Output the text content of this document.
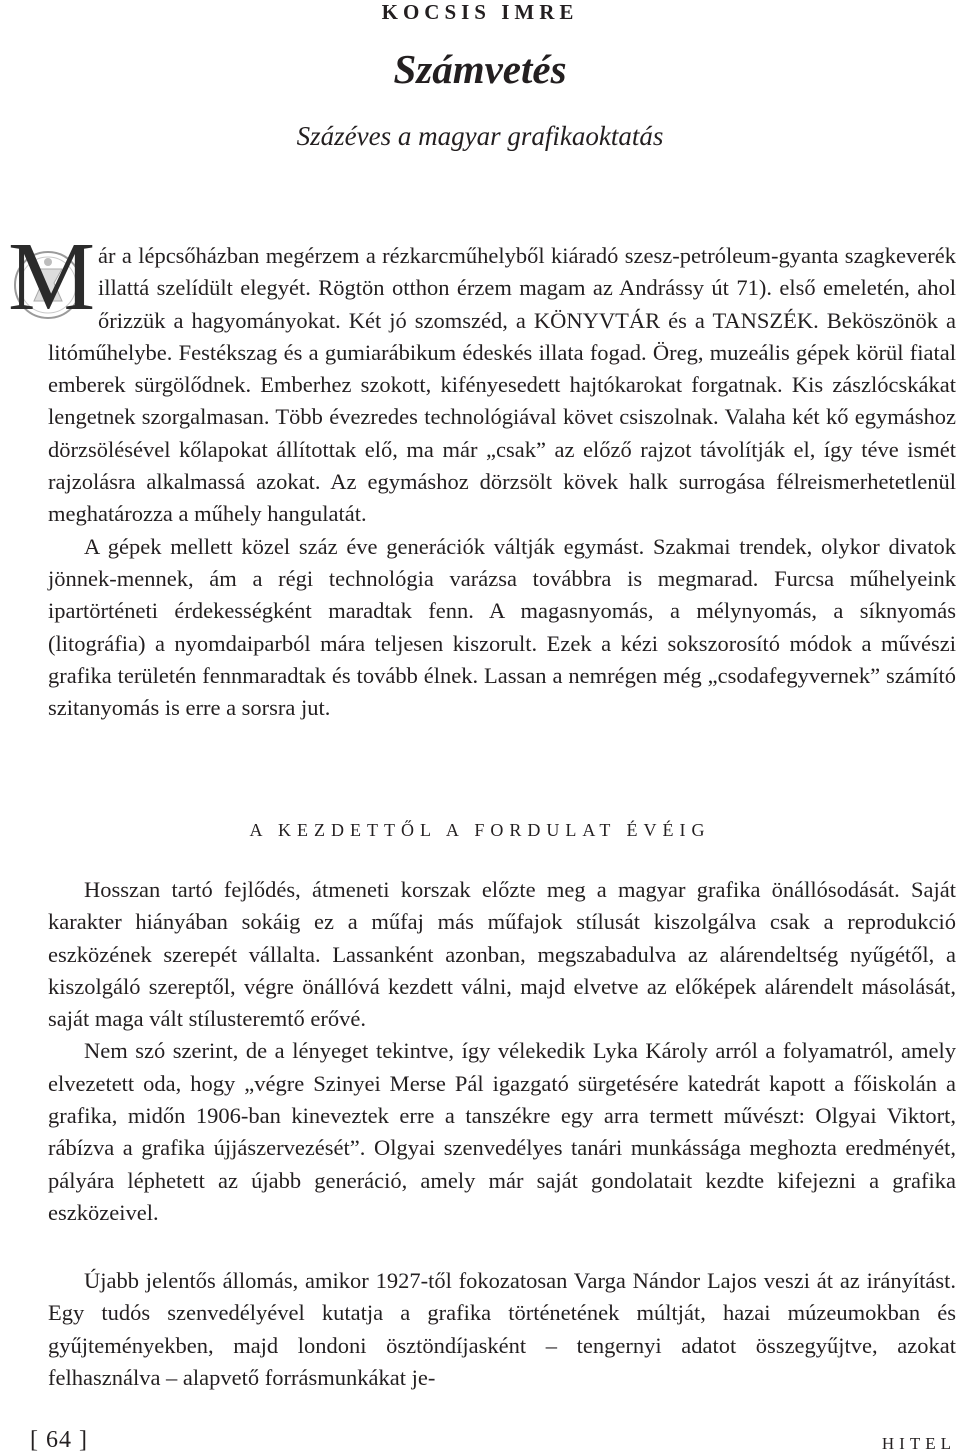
KOCSIS IMRE
Számvetés
Százéves a magyar grafikaoktatás
M ár a lépcsőházban megérzem a rézkarcműhelyből kiáradó szesz-petróleum-gyanta szagkeverék illattá szelídült elegyét. Rögtön otthon érzem magam az Andrássy út 71). első emeletén, ahol őrizzük a hagyományokat. Két jó szomszéd, a KÖNYVTÁR és a TANSZÉK. Beköszönök a litóműhelybe. Festékszag és a gumiarábikum édeskés illata fogad. Öreg, muzeális gépek körül fiatal emberek sürgölődnek. Emberhez szokott, kifényesedett hajtókarokat forgatnak. Kis zászlócskákat lengetnek szorgalmasan. Több évezredes technológiával követ csiszolnak. Valaha két kő egymáshoz dörzsölésével kőlapokat állítottak elő, ma már „csak” az előző rajzot távolítják el, így téve ismét rajzolásra alkalmassá azokat. Az egymáshoz dörzsölt kövek halk surrogása félreismerhetetlenül meghatározza a műhely hangulatát.

A gépek mellett közel száz éve generációk váltják egymást. Szakmai trendek, olykor divatok jönnek-mennek, ám a régi technológia varázsa továbbra is megmarad. Furcsa műhelyeink ipartörténeti érdekességként maradtak fenn. A magasnyomás, a mélynyomás, a síknyomás (litográfia) a nyomdaiparból mára teljesen kiszorult. Ezek a kézi sokszorosító módok a művészi grafika területén fennmaradtak és tovább élnek. Lassan a nemrégen még „csodafegyvernek” számító szitanyomás is erre a sorsra jut.

A KEZDETTŐL A FORDULAT ÉVÉIG

Hosszan tartó fejlődés, átmeneti korszak előzte meg a magyar grafika önállósodását. Saját karakter hiányában sokáig ez a műfaj más műfajok stílusát kiszolgálva csak a reprodukció eszközének szerepét vállalta. Lassanként azonban, megszabadulva az alárendeltség nyűgétől, a kiszolgáló szereptől, végre önállóvá kezdett válni, majd elvetve az előképek alárendelt másolását, saját maga vált stílusteremtő erővé.

Nem szó szerint, de a lényeget tekintve, így vélekedik Lyka Károly arról a folyamatról, amely elvezetett oda, hogy „végre Szinyei Merse Pál igazgató sürgetésére katedrát kapott a főiskolán a grafika, midőn 1906-ban kineveztek erre a tanszékre egy arra termett művészt: Olgyai Viktort, rábízva a grafika újjászervezését”. Olgyai szenvedélyes tanári munkássága meghozta eredményét, pályára léphetett az újabb generáció, amely már saját gondolatait kezdte kifejezni a grafika eszközeivel.

Újabb jelentős állomás, amikor 1927-től fokozatosan Varga Nándor Lajos veszi át az irányítást. Egy tudós szenvedélyével kutatja a grafika történetének múltját, hazai múzeumokban és gyűjteményekben, majd londoni ösztöndíjasként – tengernyi adatot összegyűjtve, azokat felhasználva – alapvető forrásmunkákat je-

[ 64 ]	HITEL
